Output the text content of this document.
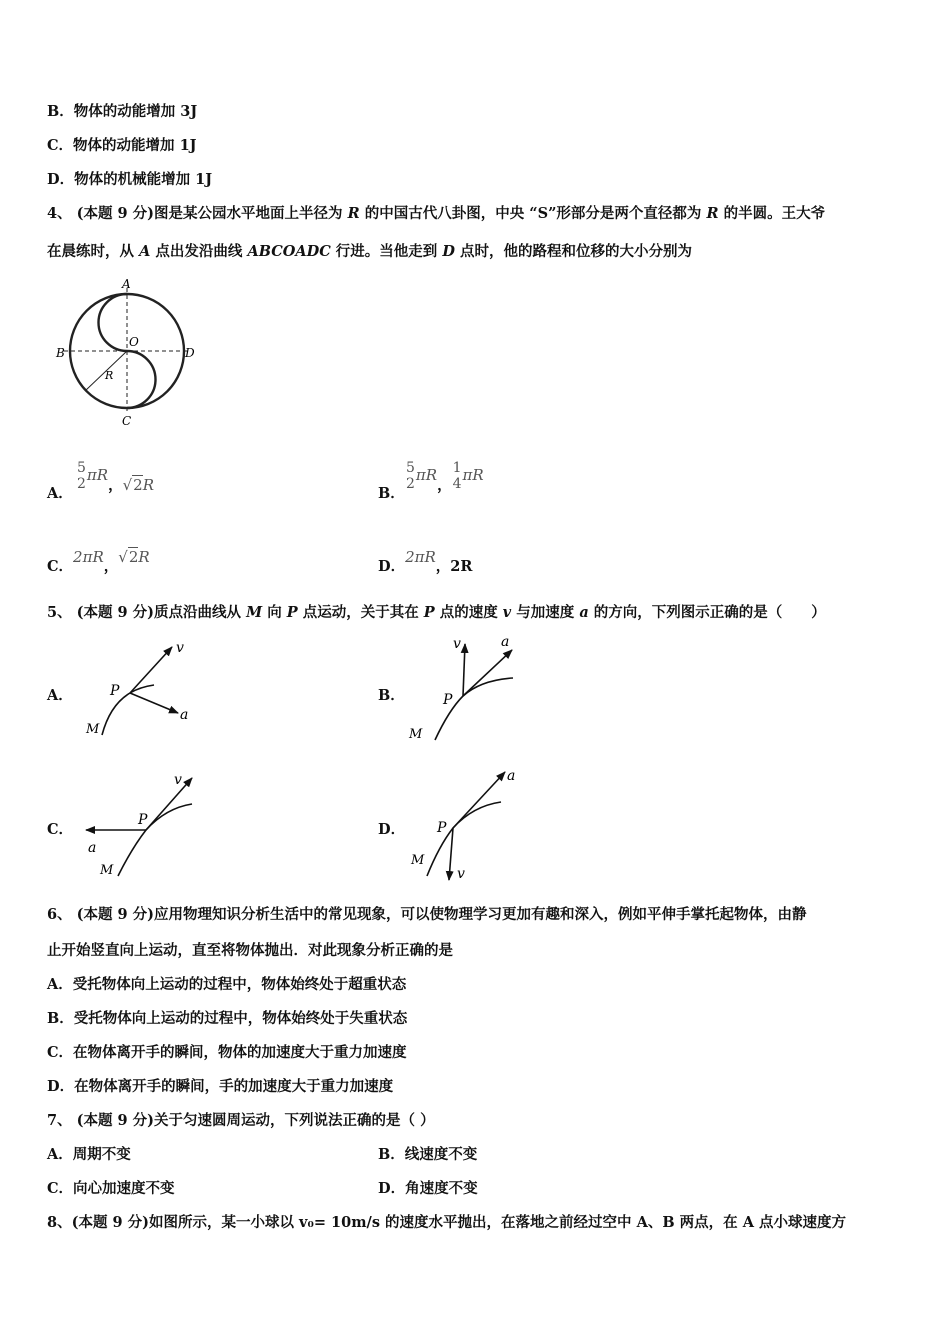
B．物体的动能增加 3J
C．物体的动能增加 1J
D．物体的机械能增加 1J
4、 (本题 9 分)图是某公园水平地面上半径为 R 的中国古代八卦图，中央 “S”形部分是两个直径都为 R 的半圆。王大爷
在晨练时，从 A 点出发沿曲线 ABCOADC 行进。当他走到 D 点时，他的路程和位移的大小分别为
A
B
C
D
O
R
A．
5
2 πR，√2R	B．
5
2 πR，
1
4 πR
C．2πR，√2R
D．2πR，2R
5、 (本题 9 分)质点沿曲线从 M 向 P 点运动，关于其在 P 点的速度 v 与加速度 a 的方向，下列图示正确的是（　　）
A．	P
v
a
M
B．	P
v	a
M
C．
P
v
a
M
D． P
a
v
M
6、 (本题 9 分)应用物理知识分析生活中的常见现象，可以使物理学习更加有趣和深入，例如平伸手掌托起物体，由静
止开始竖直向上运动，直至将物体抛出．对此现象分析正确的是
A．受托物体向上运动的过程中，物体始终处于超重状态
B．受托物体向上运动的过程中，物体始终处于失重状态
C．在物体离开手的瞬间，物体的加速度大于重力加速度
D．在物体离开手的瞬间，手的加速度大于重力加速度
7、 (本题 9 分)关于匀速圆周运动，下列说法正确的是（ ）
A．周期不变	B．线速度不变
C．向心加速度不变	D．角速度不变
8、(本题 9 分)如图所示，某一小球以 v₀= 10m/s 的速度水平抛出，在落地之前经过空中 A、B 两点，在 A 点小球速度方
